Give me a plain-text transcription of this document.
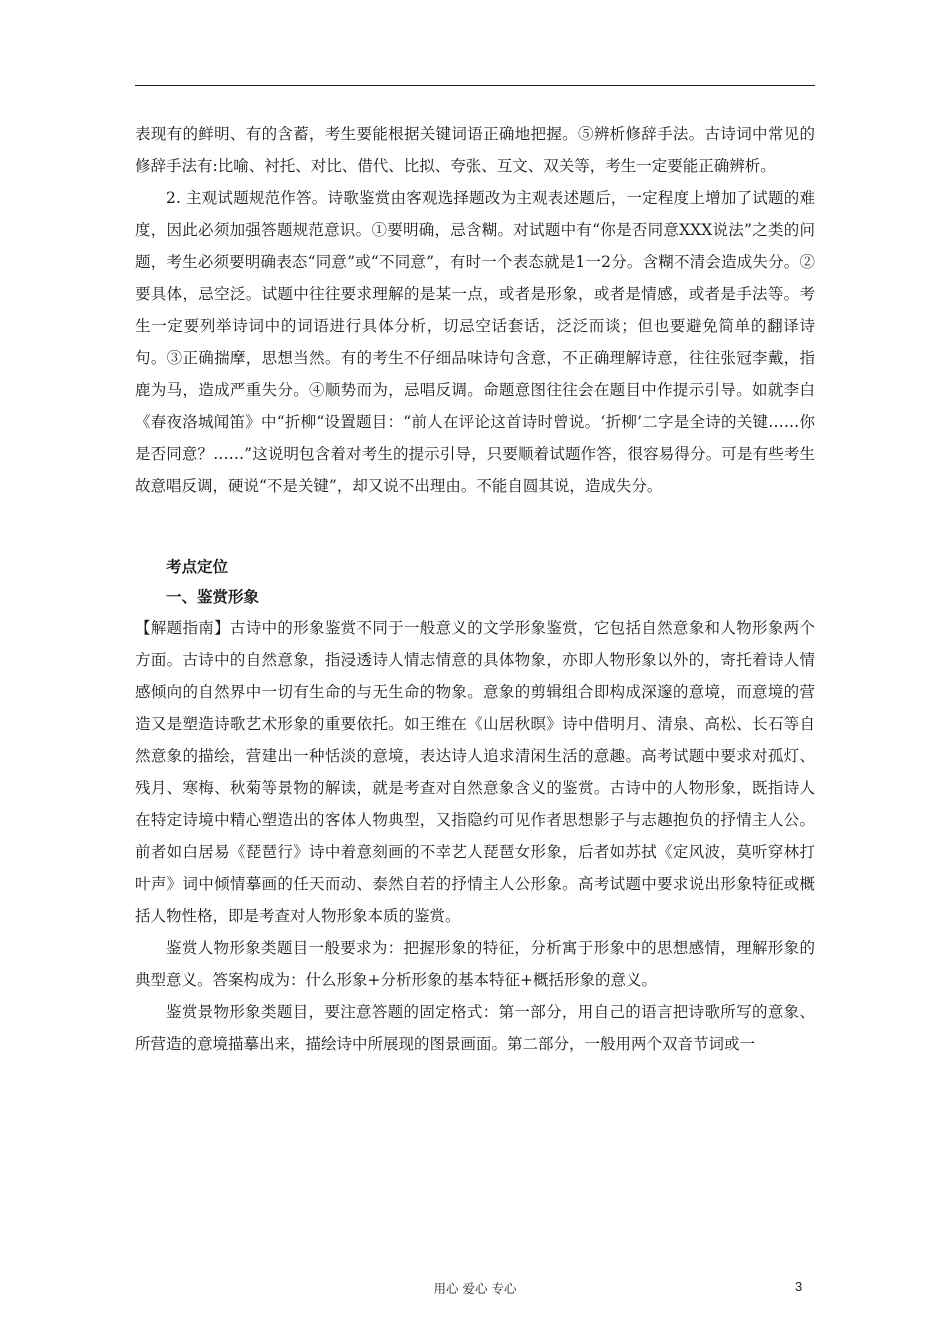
表现有的鲜明、有的含蓄，考生要能根据关键词语正确地把握。⑤辨析修辞手法。古诗词中常见的修辞手法有:比喻、衬托、对比、借代、比拟、夸张、互文、双关等，考生一定要能正确辨析。

2. 主观试题规范作答。诗歌鉴赏由客观选择题改为主观表述题后，一定程度上增加了试题的难度，因此必须加强答题规范意识。①要明确，忌含糊。对试题中有“你是否同意XXX说法”之类的问题，考生必须要明确表态“同意”或“不同意”，有时一个表态就是1一2分。含糊不清会造成失分。②要具体，忌空泛。试题中往往要求理解的是某一点，或者是形象，或者是情感，或者是手法等。考生一定要列举诗词中的词语进行具体分析，切忌空话套话，泛泛而谈；但也要避免简单的翻译诗句。③正确揣摩，思想当然。有的考生不仔细品味诗句含意，不正确理解诗意，往往张冠李戴，指鹿为马，造成严重失分。④顺势而为，忌唱反调。命题意图往往会在题目中作提示引导。如就李白《春夜洛城闻笛》中“折柳“设置题目：“前人在评论这首诗时曾说。‘折柳’二字是全诗的关键……你是否同意？……”这说明包含着对考生的提示引导，只要顺着试题作答，很容易得分。可是有些考生故意唱反调，硬说“不是关键”，却又说不出理由。不能自圆其说，造成失分。

考点定位

一、鉴赏形象

【解题指南】古诗中的形象鉴赏不同于一般意义的文学形象鉴赏，它包括自然意象和人物形象两个方面。古诗中的自然意象，指浸透诗人情志情意的具体物象，亦即人物形象以外的，寄托着诗人情感倾向的自然界中一切有生命的与无生命的物象。意象的剪辑组合即构成深邃的意境，而意境的营造又是塑造诗歌艺术形象的重要依托。如王维在《山居秋暝》诗中借明月、清泉、高松、长石等自然意象的描绘，营建出一种恬淡的意境，表达诗人追求清闲生活的意趣。高考试题中要求对孤灯、残月、寒梅、秋菊等景物的解读，就是考查对自然意象含义的鉴赏。古诗中的人物形象，既指诗人在特定诗境中精心塑造出的客体人物典型，又指隐约可见作者思想影子与志趣抱负的抒情主人公。前者如白居易《琵琶行》诗中着意刻画的不幸艺人琵琶女形象，后者如苏拭《定风波，莫听穿林打叶声》词中倾情摹画的任天而动、泰然自若的抒情主人公形象。高考试题中要求说出形象特征或概括人物性格，即是考查对人物形象本质的鉴赏。

鉴赏人物形象类题目一般要求为：把握形象的特征，分析寓于形象中的思想感情，理解形象的典型意义。答案构成为：什么形象+分析形象的基本特征+概括形象的意义。

鉴赏景物形象类题目，要注意答题的固定格式：第一部分，用自己的语言把诗歌所写的意象、所营造的意境描摹出来，描绘诗中所展现的图景画面。第二部分，一般用两个双音节词或一

用心 爱心 专心	3
